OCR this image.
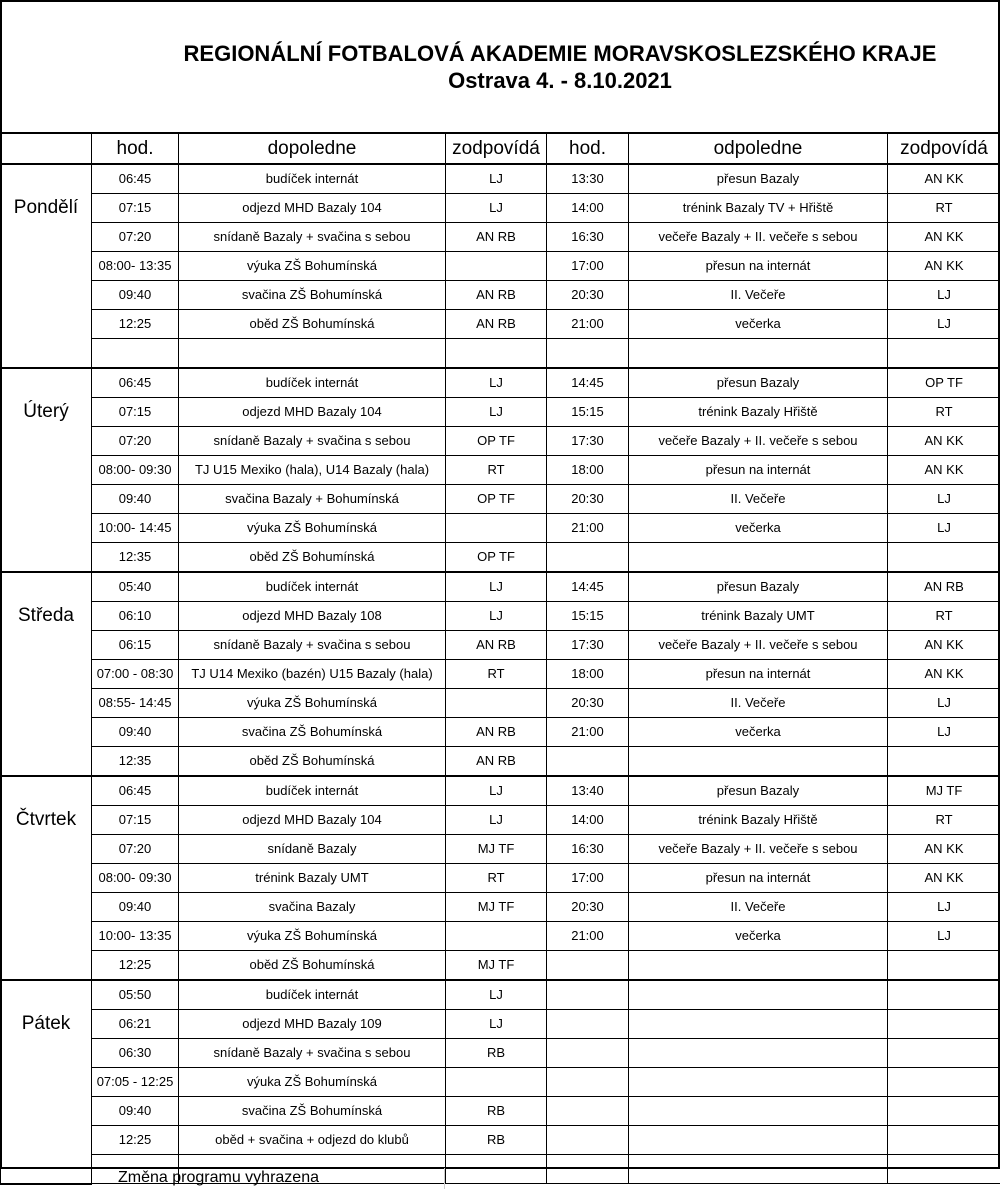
REGIONÁLNÍ FOTBALOVÁ AKADEMIE MORAVSKOSLEZSKÉHO KRAJE
Ostrava 4. - 8.10.2021
	hod.	dopoledne	zodpovídá	hod.	odpoledne	zodpovídá
	06:45	budíček internát	LJ	13:30	přesun Bazaly	AN KK
Pondělí	07:15	odjezd MHD Bazaly 104	LJ	14:00	trénink Bazaly TV + Hřiště	RT
	07:20	snídaně Bazaly + svačina s sebou	AN RB	16:30	večeře Bazaly + II. večeře s sebou	AN KK
	08:00- 13:35	výuka ZŠ Bohumínská		17:00	přesun na internát	AN KK
	09:40	svačina ZŠ Bohumínská	AN RB	20:30	II. Večeře	LJ
	12:25	oběd ZŠ Bohumínská	AN RB	21:00	večerka	LJ

	06:45	budíček internát	LJ	14:45	přesun Bazaly	OP TF
Úterý	07:15	odjezd MHD Bazaly 104	LJ	15:15	trénink Bazaly Hřiště	RT
	07:20	snídaně Bazaly + svačina s sebou	OP TF	17:30	večeře Bazaly + II. večeře s sebou	AN KK
	08:00- 09:30	TJ U15 Mexiko (hala), U14 Bazaly (hala)	RT	18:00	přesun na internát	AN KK
	09:40	svačina Bazaly + Bohumínská	OP TF	20:30	II. Večeře	LJ
	10:00- 14:45	výuka ZŠ Bohumínská		21:00	večerka	LJ
	12:35	oběd ZŠ Bohumínská	OP TF			
	05:40	budíček internát	LJ	14:45	přesun Bazaly	AN RB
Středa	06:10	odjezd MHD Bazaly 108	LJ	15:15	trénink Bazaly UMT	RT
	06:15	snídaně Bazaly + svačina s sebou	AN RB	17:30	večeře Bazaly + II. večeře s sebou	AN KK
	07:00 - 08:30	TJ U14 Mexiko (bazén) U15 Bazaly (hala)	RT	18:00	přesun na internát	AN KK
	08:55- 14:45	výuka ZŠ Bohumínská		20:30	II. Večeře	LJ
	09:40	svačina ZŠ Bohumínská	AN RB	21:00	večerka	LJ
	12:35	oběd ZŠ Bohumínská	AN RB			
	06:45	budíček internát	LJ	13:40	přesun Bazaly	MJ TF
Čtvrtek	07:15	odjezd MHD Bazaly 104	LJ	14:00	trénink Bazaly Hřiště	RT
	07:20	snídaně Bazaly	MJ TF	16:30	večeře Bazaly + II. večeře s sebou	AN KK
	08:00- 09:30	trénink Bazaly UMT	RT	17:00	přesun na internát	AN KK
	09:40	svačina Bazaly	MJ TF	20:30	II. Večeře	LJ
	10:00- 13:35	výuka ZŠ Bohumínská		21:00	večerka	LJ
	12:25	oběd ZŠ Bohumínská	MJ TF			
	05:50	budíček internát	LJ			
Pátek	06:21	odjezd MHD Bazaly 109	LJ			
	06:30	snídaně Bazaly + svačina s sebou	RB			
	07:05 - 12:25	výuka ZŠ Bohumínská				
	09:40	svačina ZŠ Bohumínská	RB			
	12:25	oběd + svačina + odjezd do klubů	RB			

Změna programu vyhrazena
